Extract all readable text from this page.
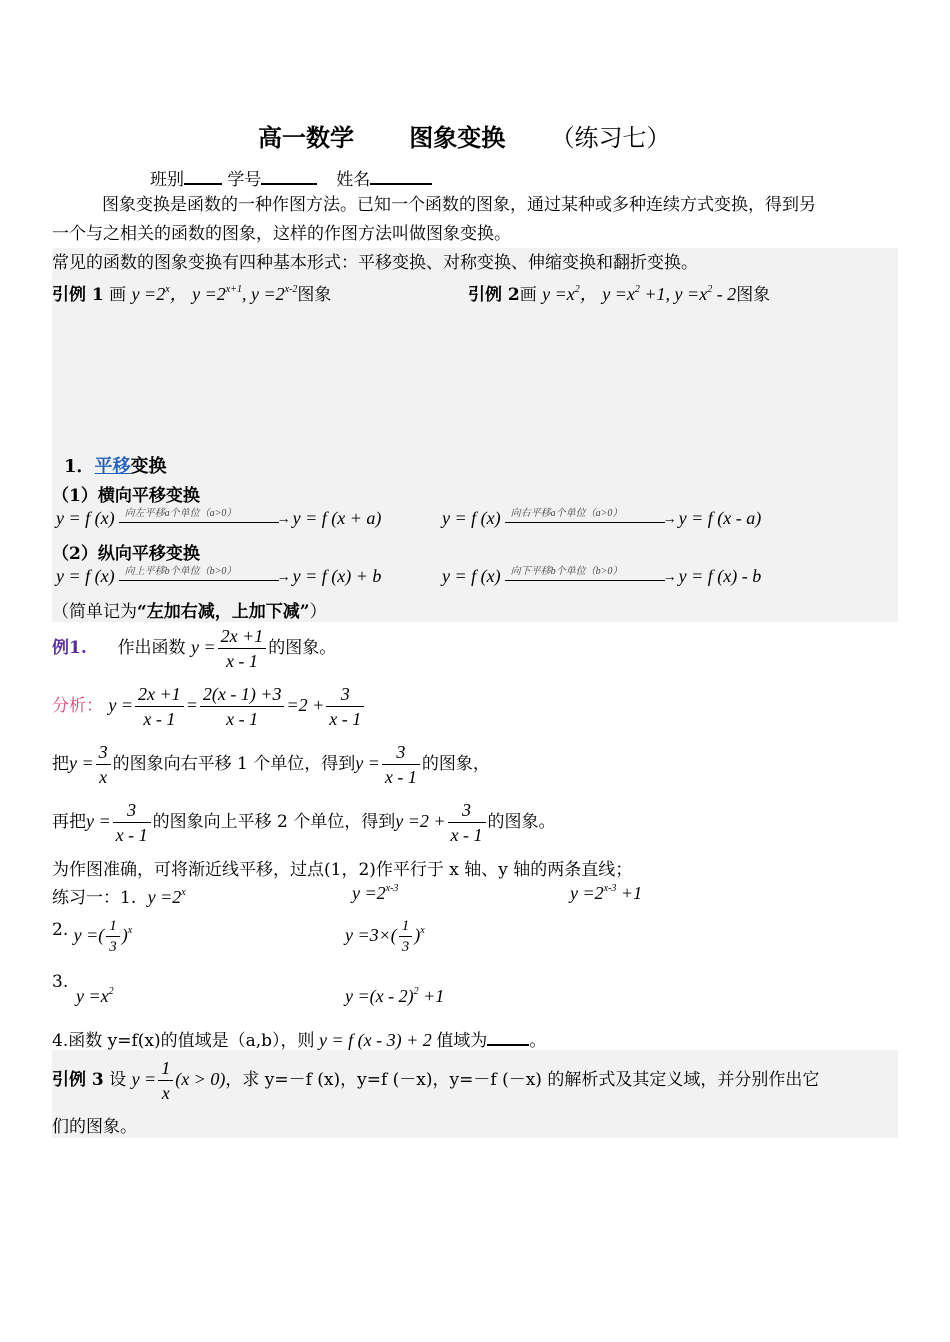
高一数学 图象变换 （练习七）
班别	学号	姓名
图象变换是函数的一种作图方法。已知一个函数的图象，通过某种或多种连续方式变换，得到另
一个与之相关的函数的图象，这样的作图方法叫做图象变换。
常见的函数的图象变换有四种基本形式：平移变换、对称变换、伸缩变换和翻折变换。
引例 1 画 $y =2^x$， $y =2^{x+1}$, $y =2^{x-2}$图象	引例 2画 $y =x^2$， $y =x^2 +1$, $y =x^2 - 2$图象
1．平移变换
（1）横向平移变换
y = f (x) 向左平移a个单位（a>0）	→ y = f (x + a)	y = f (x) 向右平移a个单位（a>0）	→ y = f (x - a)
（2）纵向平移变换
y = f (x) 向上平移b个单位（b>0）	→ y = f (x) + b	y = f (x) 向下平移b个单位（b>0）	→ y = f (x) - b
（简单记为“左加右减，上加下减”）
例1. 作出函数 $y = \frac{2x +1}{x - 1}$ 的图象。
分析： $y = \frac{2x +1}{x - 1} = \frac{2(x - 1) +3}{x - 1} =2 + \frac{3}{x - 1}$
把$y = \frac{3}{x}$ 的图象向右平移 1 个单位，得到$y = \frac{3}{x - 1}$ 的图象，
再把$y = \frac{3}{x - 1}$ 的图象向上平移 2 个单位，得到$y =2 + \frac{3}{x - 1}$ 的图象。
为作图准确，可将渐近线平移，过点(1，2)作平行于 x 轴、y 轴的两条直线；
练习一：1. $y =2^x$	$y =2^{x-3}$	$y =2^{x-3} +1$
2. y =( $\frac{1}{3} )^x$	$y =3\times( \frac{1}{3} )^x$
3.
$y =x^2$	y =(x - 2)$^2$ +1
4.函数 y=f(x)的值域是（a,b），则 y = f (x - 3) + 2 值域为 。
引例 3 设 $y = \frac{1}{x} (x > 0)$，求 y=－f (x)，y=f (－x)，y=－f (－x) 的解析式及其定义域，并分别作出它
们的图象。
